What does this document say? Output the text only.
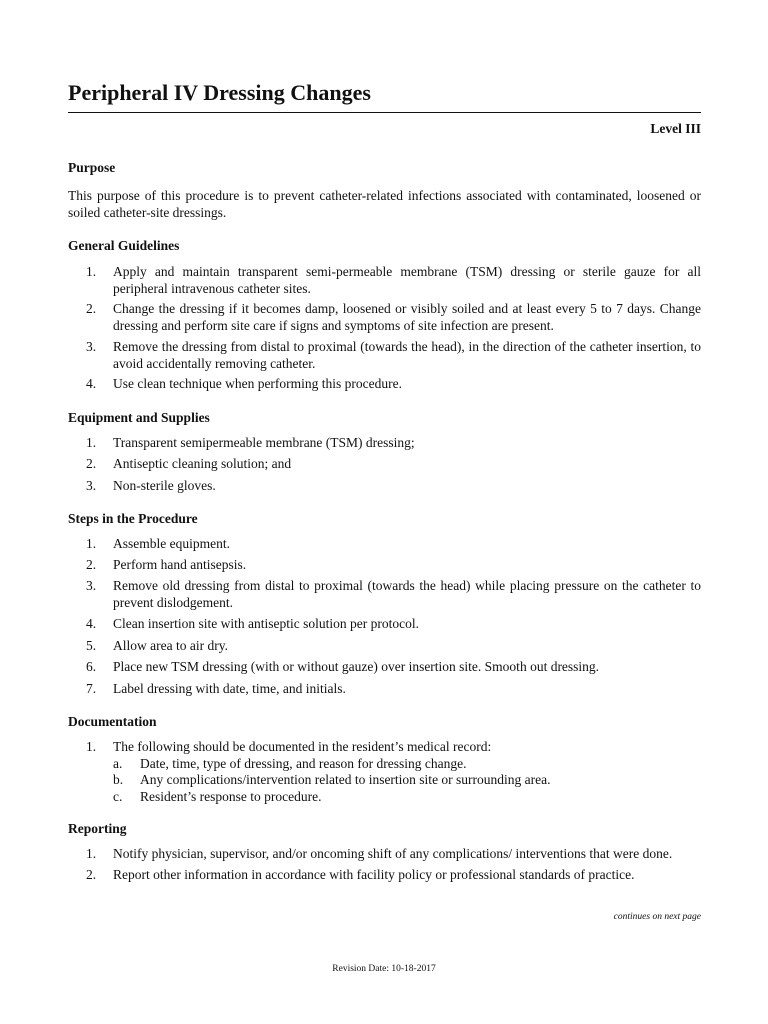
Peripheral IV Dressing Changes
Level III
Purpose
This purpose of this procedure is to prevent catheter-related infections associated with contaminated, loosened or soiled catheter-site dressings.
General Guidelines
1. Apply and maintain transparent semi-permeable membrane (TSM) dressing or sterile gauze for all peripheral intravenous catheter sites.
2. Change the dressing if it becomes damp, loosened or visibly soiled and at least every 5 to 7 days. Change dressing and perform site care if signs and symptoms of site infection are present.
3. Remove the dressing from distal to proximal (towards the head), in the direction of the catheter insertion, to avoid accidentally removing catheter.
4. Use clean technique when performing this procedure.
Equipment and Supplies
1. Transparent semipermeable membrane (TSM) dressing;
2. Antiseptic cleaning solution; and
3. Non-sterile gloves.
Steps in the Procedure
1. Assemble equipment.
2. Perform hand antisepsis.
3. Remove old dressing from distal to proximal (towards the head) while placing pressure on the catheter to prevent dislodgement.
4. Clean insertion site with antiseptic solution per protocol.
5. Allow area to air dry.
6. Place new TSM dressing (with or without gauze) over insertion site. Smooth out dressing.
7. Label dressing with date, time, and initials.
Documentation
1. The following should be documented in the resident’s medical record:
a. Date, time, type of dressing, and reason for dressing change.
b. Any complications/intervention related to insertion site or surrounding area.
c. Resident’s response to procedure.
Reporting
1. Notify physician, supervisor, and/or oncoming shift of any complications/ interventions that were done.
2. Report other information in accordance with facility policy or professional standards of practice.
continues on next page
Revision Date: 10-18-2017
